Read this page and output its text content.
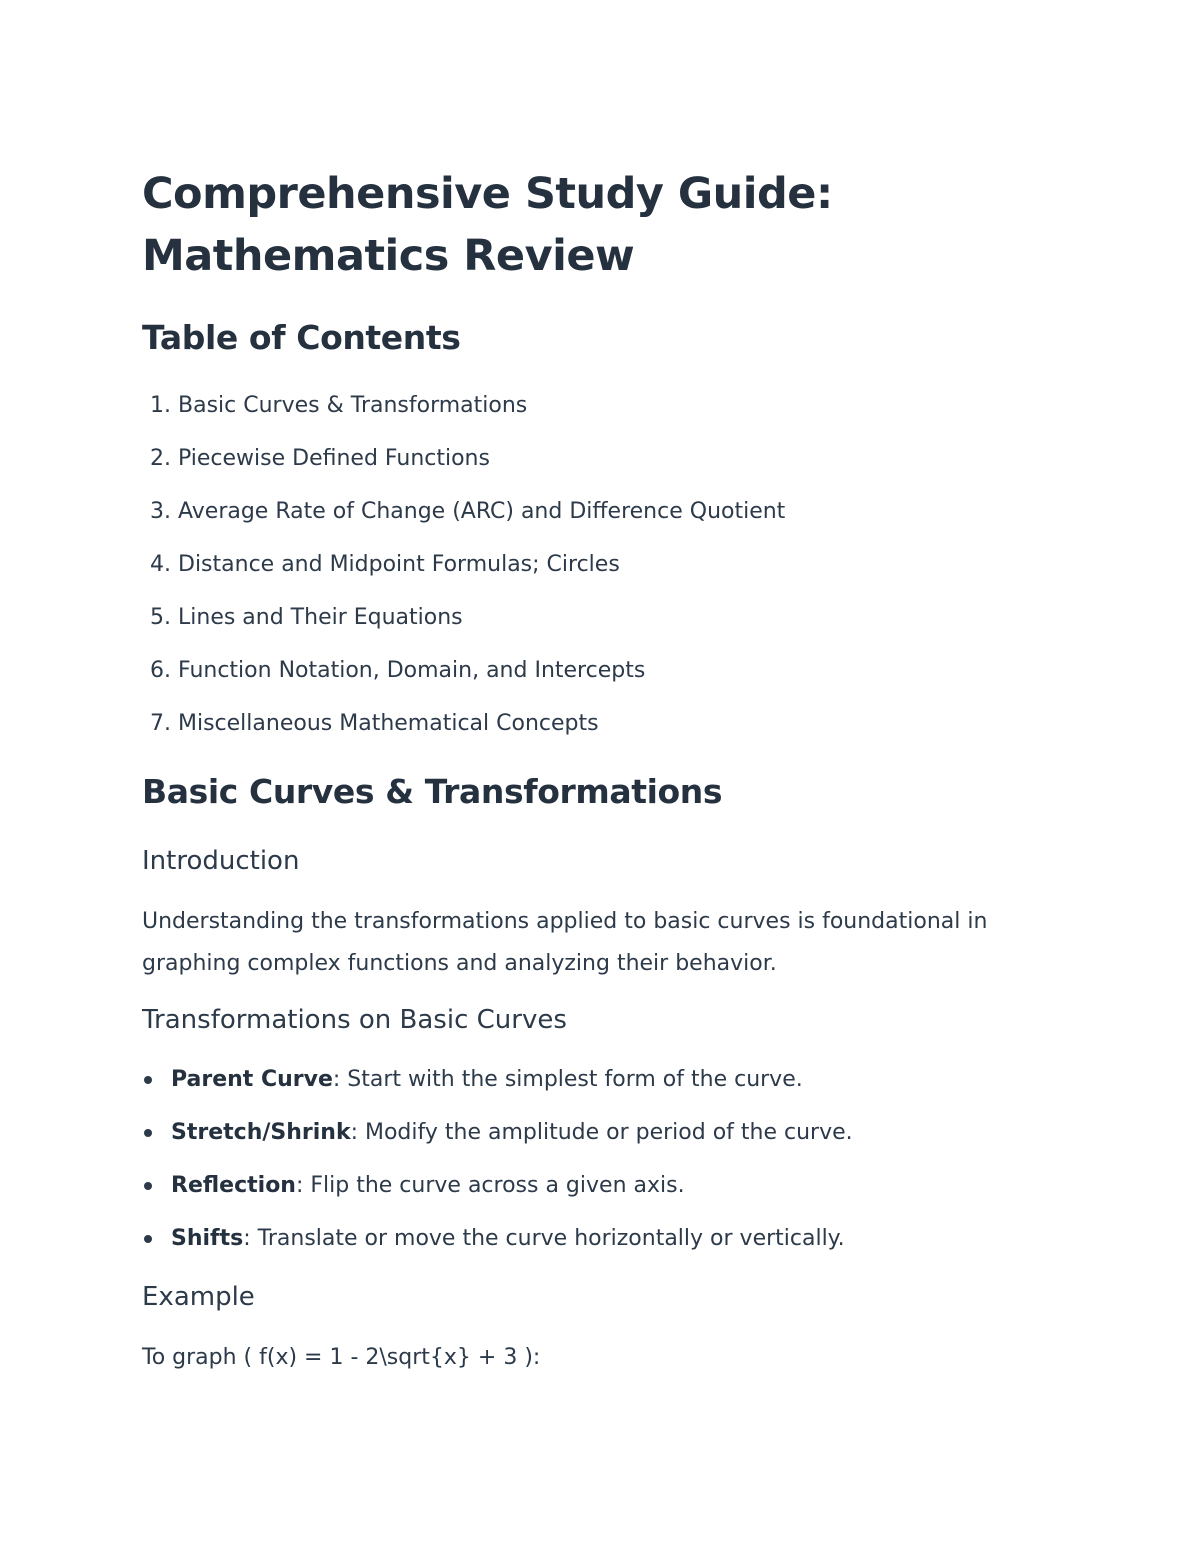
Comprehensive Study Guide: Mathematics Review
Table of Contents
1. Basic Curves & Transformations
2. Piecewise Defined Functions
3. Average Rate of Change (ARC) and Difference Quotient
4. Distance and Midpoint Formulas; Circles
5. Lines and Their Equations
6. Function Notation, Domain, and Intercepts
7. Miscellaneous Mathematical Concepts
Basic Curves & Transformations
Introduction

Understanding the transformations applied to basic curves is foundational in graphing complex functions and analyzing their behavior.

Transformations on Basic Curves
Parent Curve: Start with the simplest form of the curve.
Stretch/Shrink: Modify the amplitude or period of the curve.
Reflection: Flip the curve across a given axis.
Shifts: Translate or move the curve horizontally or vertically.
Example

To graph ( f(x) = 1 - 2\sqrt{x} + 3 ):
